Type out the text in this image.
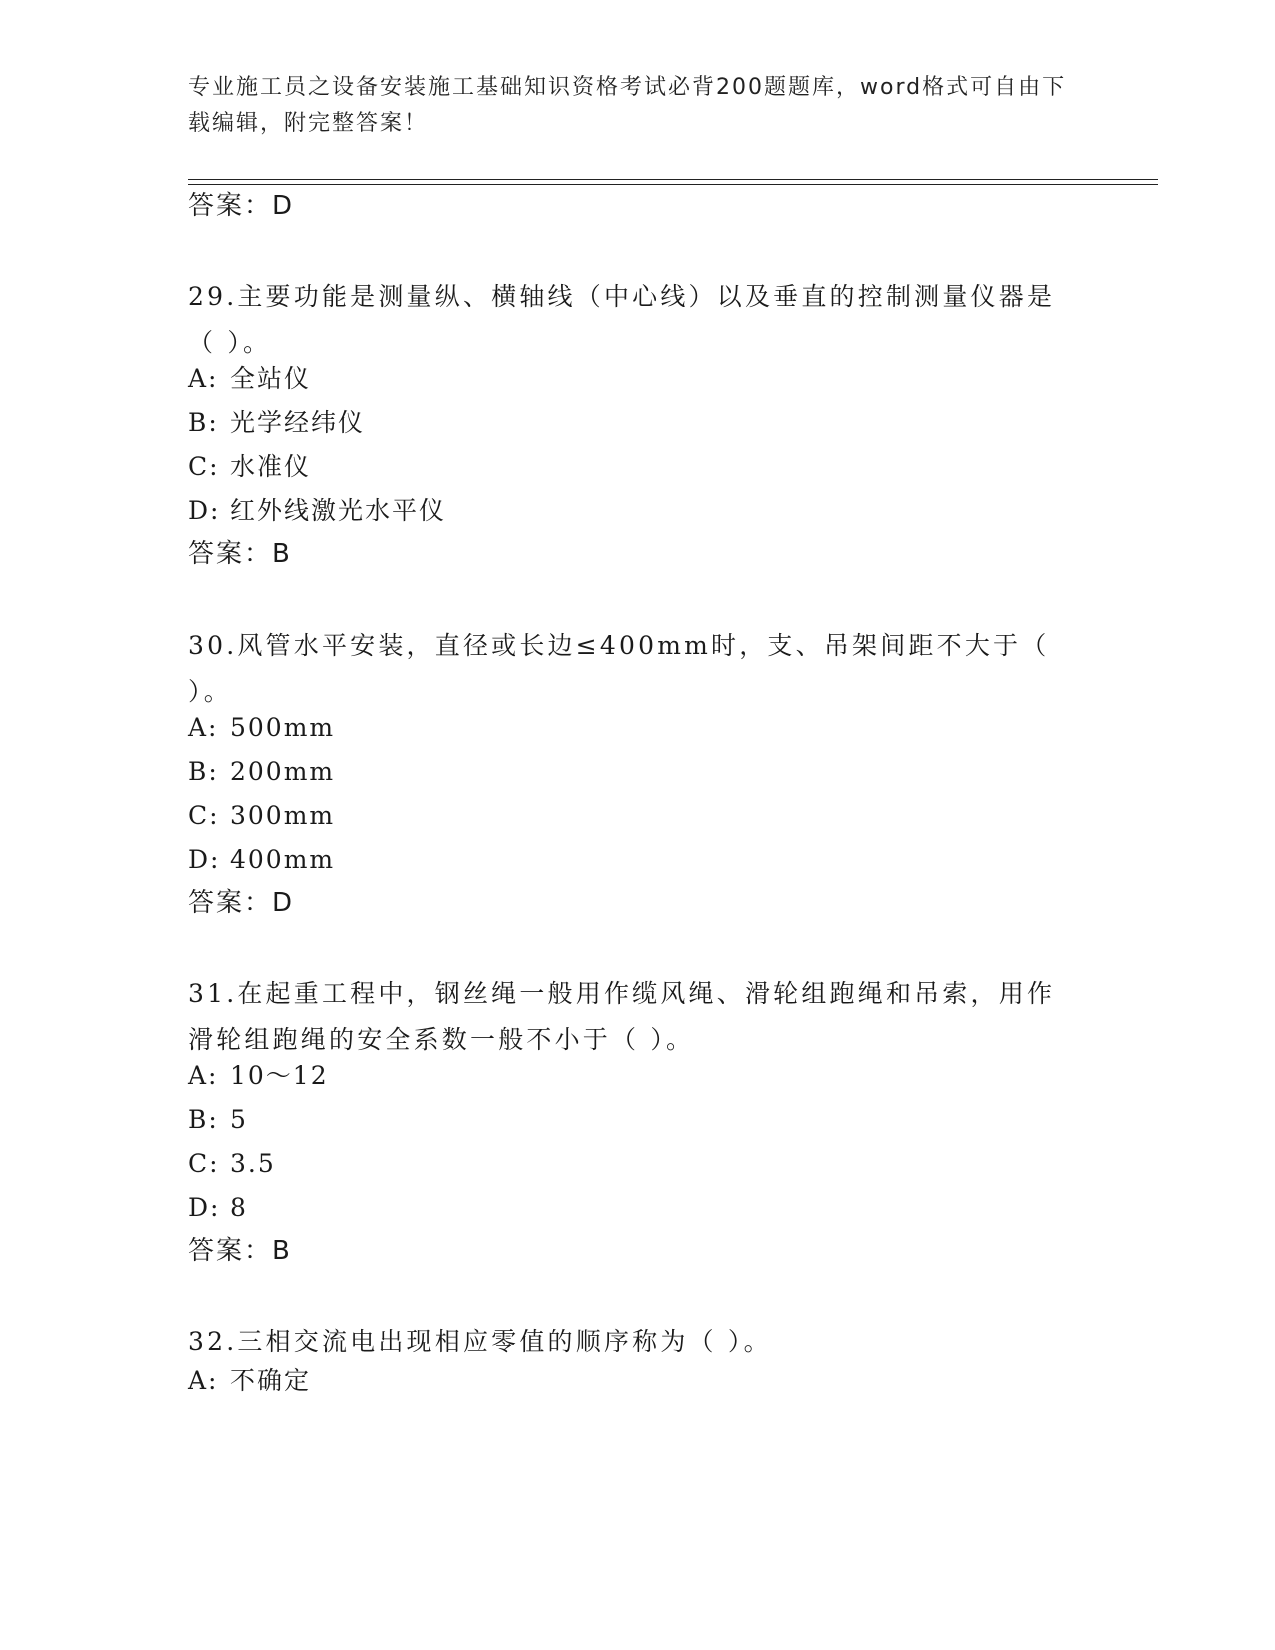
专业施工员之设备安装施工基础知识资格考试必背200题题库，word格式可自由下载编辑，附完整答案！
答案：D
29.主要功能是测量纵、横轴线（中心线）以及垂直的控制测量仪器是（ ）。
A: 全站仪
B: 光学经纬仪
C: 水准仪
D: 红外线激光水平仪
答案：B
30.风管水平安装，直径或长边≤400mm时，支、吊架间距不大于（ ）。
A: 500mm
B: 200mm
C: 300mm
D: 400mm
答案：D
31.在起重工程中，钢丝绳一般用作缆风绳、滑轮组跑绳和吊索，用作滑轮组跑绳的安全系数一般不小于（ ）。
A: 10～12
B: 5
C: 3.5
D: 8
答案：B
32.三相交流电出现相应零值的顺序称为（ ）。
A: 不确定
